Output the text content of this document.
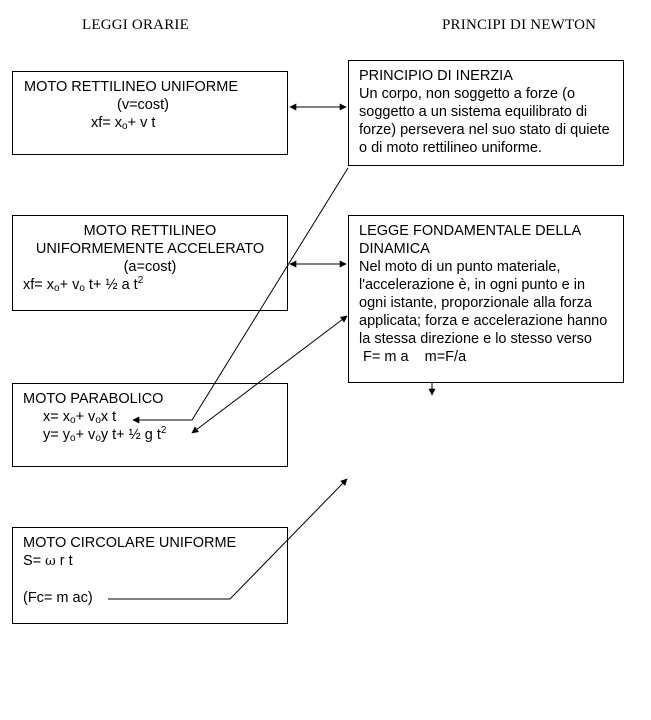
LEGGI ORARIE	PRINCIPI DI NEWTON
MOTO RETTILINEO UNIFORME
(v=cost)
$xf= x_o+ v$ t
MOTO RETTILINEO
UNIFORMEMENTE ACCELERATO
(a=cost)
$xf= x_o+ v_o$ t+ ½ a $t^2$
MOTO PARABOLICO
$x= x_o+ v_ox$ t
$y= y_o+ v_oy$ t+ ½ g $t^2$
MOTO CIRCOLARE UNIFORME
S= ω r t

(Fc= m ac)
PRINCIPIO DI INERZIA
Un corpo, non soggetto a forze (o soggetto a un sistema equilibrato di forze) persevera nel suo stato di quiete o di moto rettilineo uniforme.
LEGGE FONDAMENTALE DELLA DINAMICA
Nel moto di un punto materiale, l'accelerazione è, in ogni punto e in ogni istante, proporzionale alla forza applicata; forza e accelerazione hanno la stessa direzione e lo stesso verso
F= m a    m=F/a
